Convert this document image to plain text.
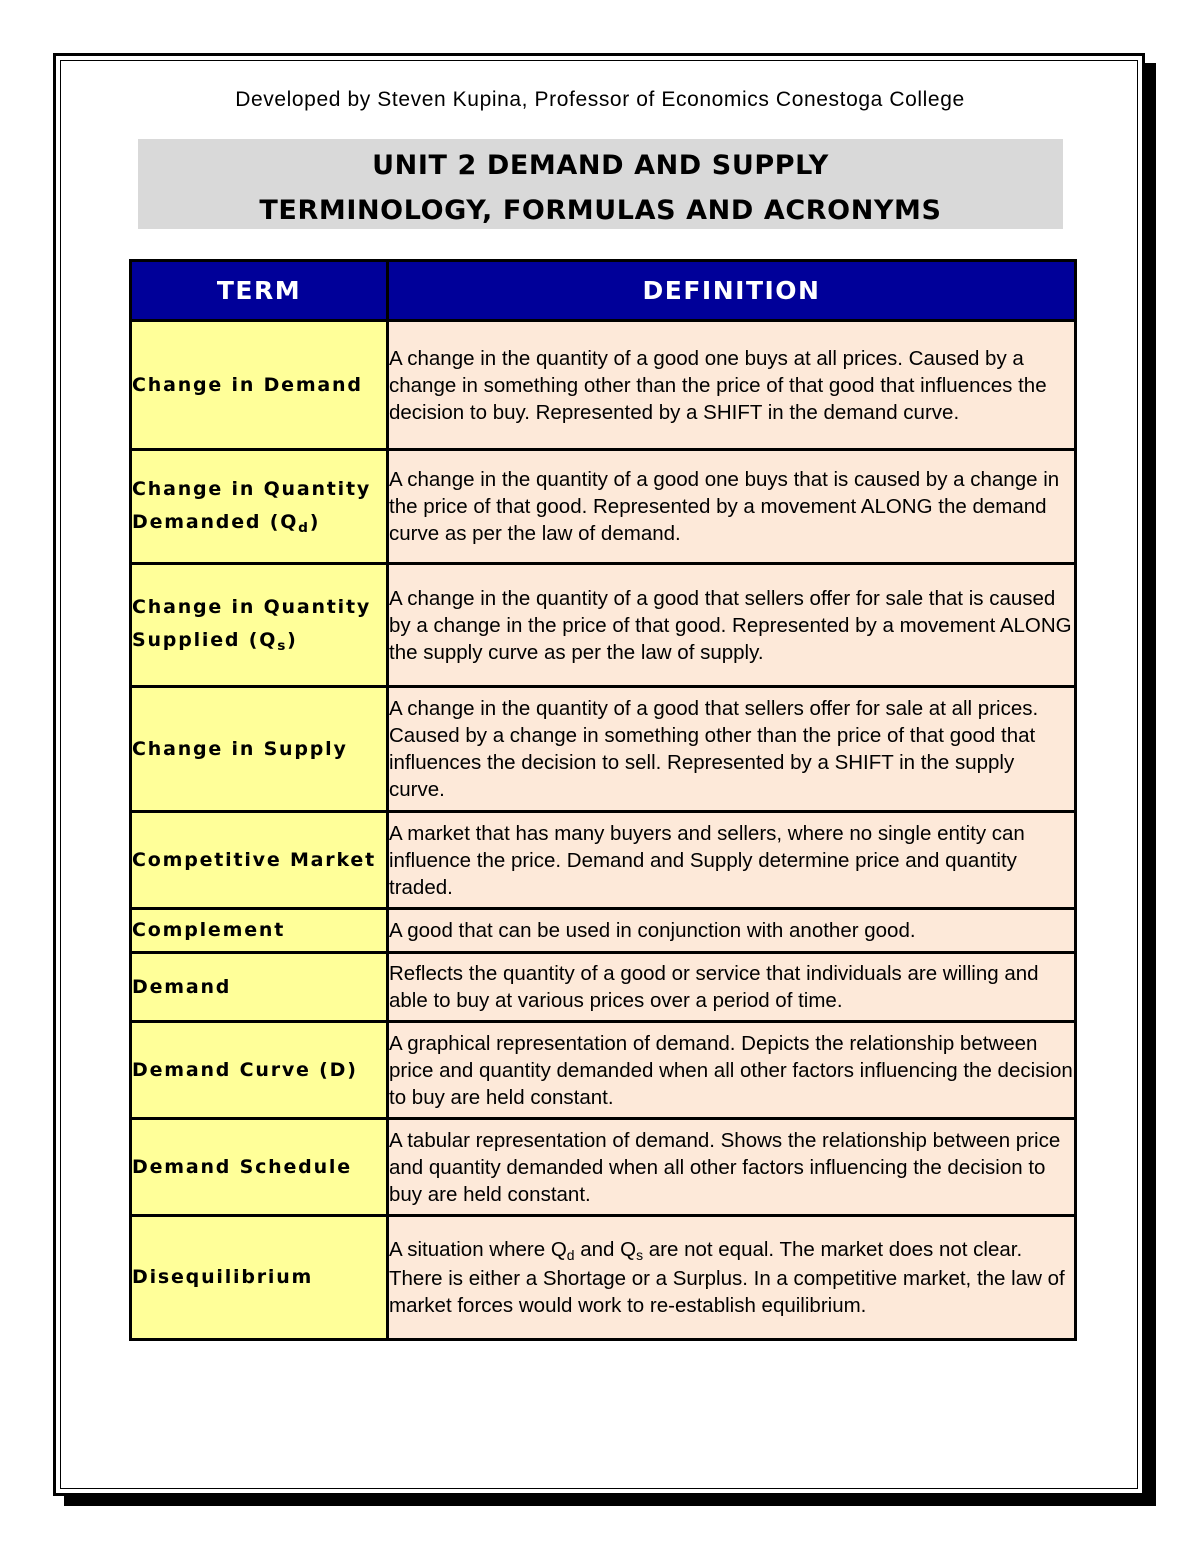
Developed by Steven Kupina, Professor of Economics Conestoga College
UNIT 2 DEMAND AND SUPPLY
TERMINOLOGY, FORMULAS AND ACRONYMS
TERM	DEFINITION
Change in Demand	A change in the quantity of a good one buys at all prices. Caused by a change in something other than the price of that good that influences the decision to buy. Represented by a SHIFT in the demand curve.
Change in Quantity Demanded $(Q_d)$	A change in the quantity of a good one buys that is caused by a change in the price of that good. Represented by a movement ALONG the demand curve as per the law of demand.
Change in Quantity Supplied $(Q_s)$	A change in the quantity of a good that sellers offer for sale that is caused by a change in the price of that good. Represented by a movement ALONG the supply curve as per the law of supply.
Change in Supply	A change in the quantity of a good that sellers offer for sale at all prices. Caused by a change in something other than the price of that good that influences the decision to sell. Represented by a SHIFT in the supply curve.
Competitive Market	A market that has many buyers and sellers, where no single entity can influence the price. Demand and Supply determine price and quantity traded.
Complement	A good that can be used in conjunction with another good.
Demand	Reflects the quantity of a good or service that individuals are willing and able to buy at various prices over a period of time.
Demand Curve (D)	A graphical representation of demand. Depicts the relationship between price and quantity demanded when all other factors influencing the decision to buy are held constant.
Demand Schedule	A tabular representation of demand. Shows the relationship between price and quantity demanded when all other factors influencing the decision to buy are held constant.
Disequilibrium	A situation where Qd and Qs are not equal. The market does not clear. There is either a Shortage or a Surplus. In a competitive market, the law of market forces would work to re-establish equilibrium.
